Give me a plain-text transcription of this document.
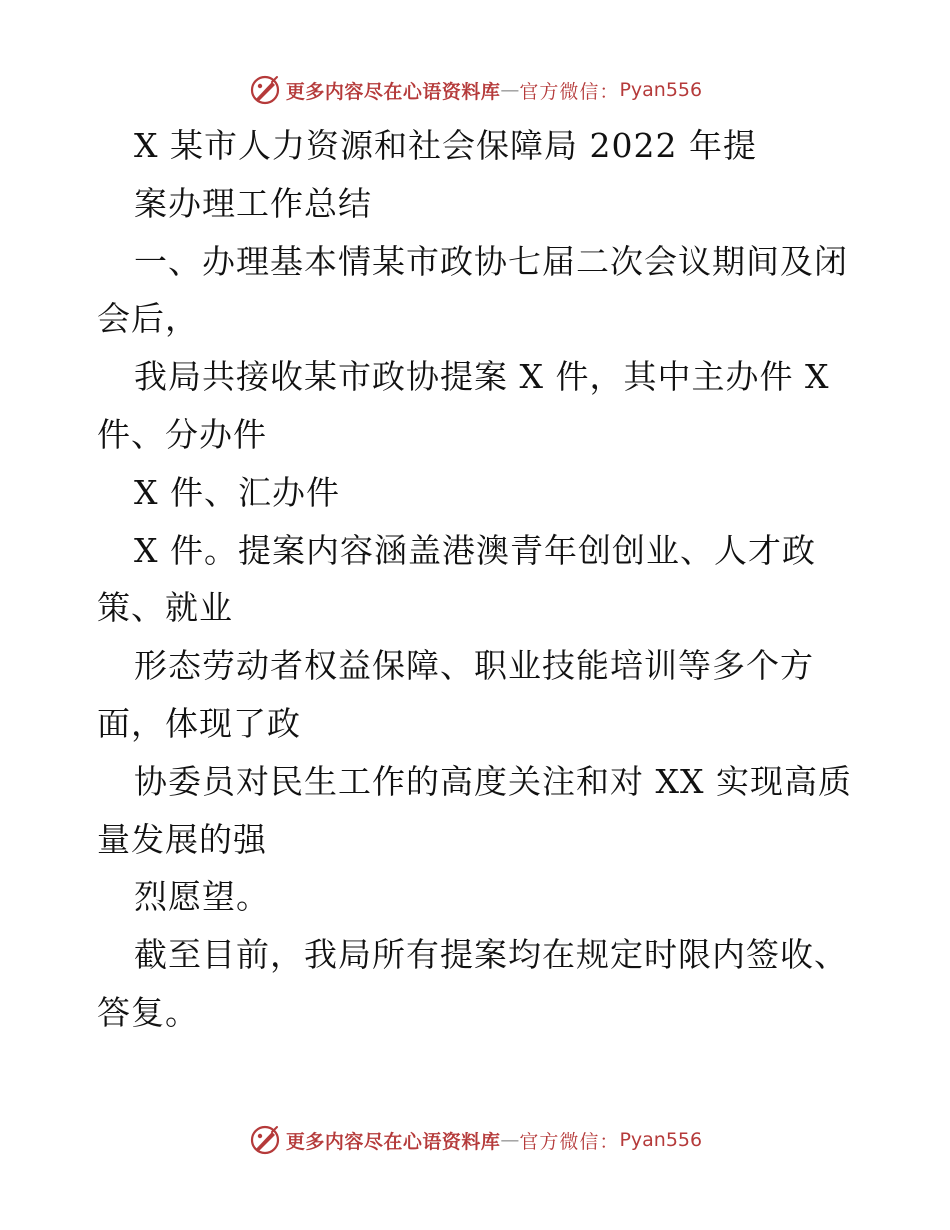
更多内容尽在心语资料库 — 官方微信： Pyan556
X 某市人力资源和社会保障局 2022 年提
案办理工作总结
一、办理基本情某市政协七届二次会议期间及闭
会后，
我局共接收某市政协提案 X 件，其中主办件 X
件、分办件
X 件、汇办件
X 件。提案内容涵盖港澳青年创创业、人才政
策、就业
形态劳动者权益保障、职业技能培训等多个方
面，体现了政
协委员对民生工作的高度关注和对 XX 实现高质
量发展的强
烈愿望。
截至目前，我局所有提案均在规定时限内签收、
答复。
更多内容尽在心语资料库 — 官方微信： Pyan556
